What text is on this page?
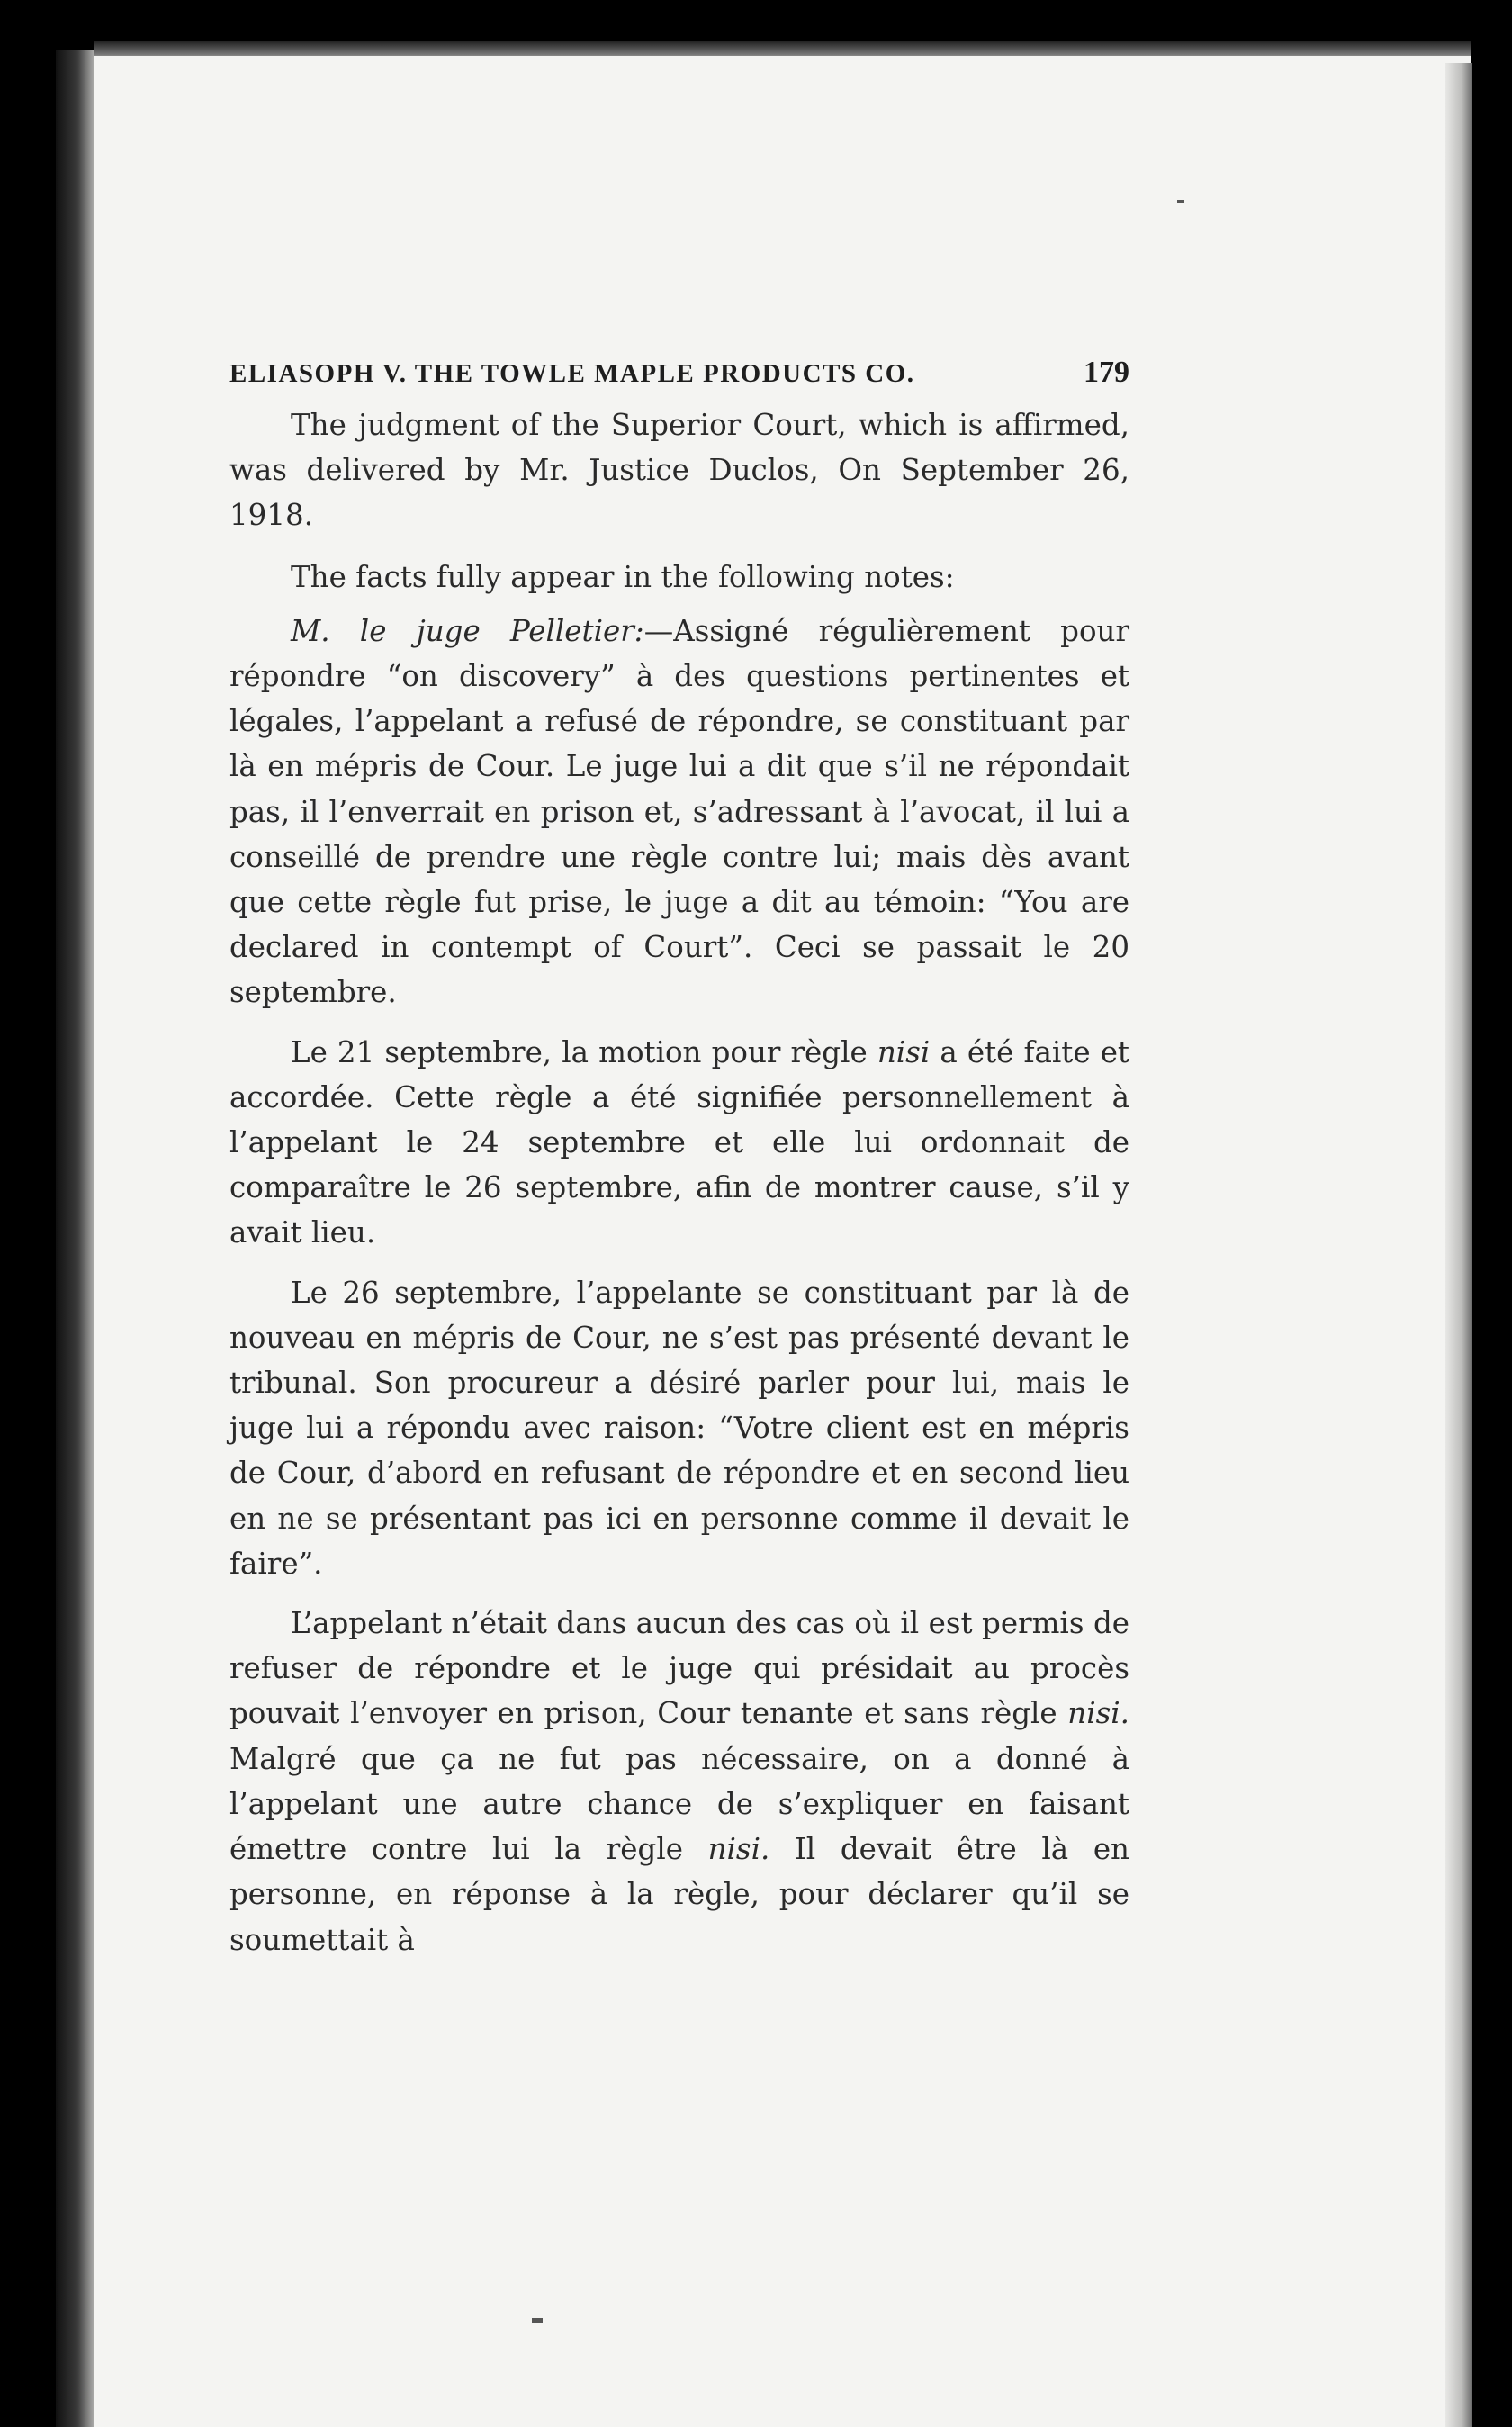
ELIASOPH V. THE TOWLE MAPLE PRODUCTS CO.	179

The judgment of the Superior Court, which is affirmed, was delivered by Mr. Justice Duclos, On September 26, 1918.

The facts fully appear in the following notes:

M. le juge Pelletier:—Assigné régulièrement pour répondre “on discovery” à des questions pertinentes et légales, l’appelant a refusé de répondre, se constituant par là en mépris de Cour. Le juge lui a dit que s’il ne répondait pas, il l’enverrait en prison et, s’adressant à l’avocat, il lui a conseillé de prendre une règle contre lui; mais dès avant que cette règle fut prise, le juge a dit au témoin: “You are declared in contempt of Court”. Ceci se passait le 20 septembre.

Le 21 septembre, la motion pour règle nisi a été faite et accordée. Cette règle a été signifiée personnellement à l’appelant le 24 septembre et elle lui ordonnait de comparaître le 26 septembre, afin de montrer cause, s’il y avait lieu.

Le 26 septembre, l’appelante se constituant par là de nouveau en mépris de Cour, ne s’est pas présenté devant le tribunal. Son procureur a désiré parler pour lui, mais le juge lui a répondu avec raison: “Votre client est en mépris de Cour, d’abord en refusant de répondre et en second lieu en ne se présentant pas ici en personne comme il devait le faire”.

L’appelant n’était dans aucun des cas où il est permis de refuser de répondre et le juge qui présidait au procès pouvait l’envoyer en prison, Cour tenante et sans règle nisi. Malgré que ça ne fut pas nécessaire, on a donné à l’appelant une autre chance de s’expliquer en faisant émettre contre lui la règle nisi. Il devait être là en personne, en réponse à la règle, pour déclarer qu’il se soumettait à
